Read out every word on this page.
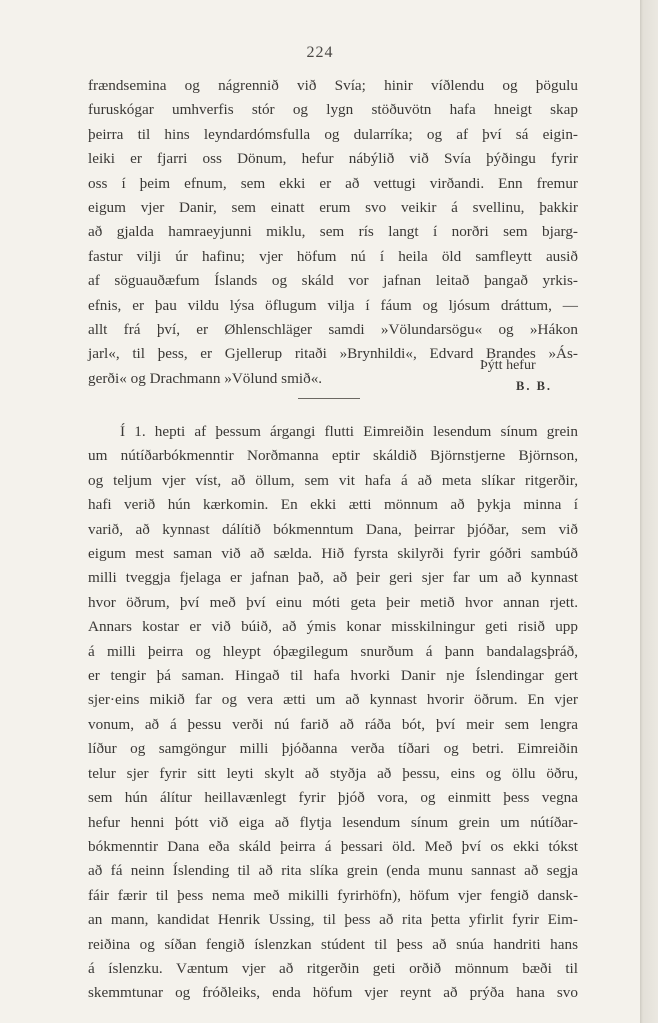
224
frændsemina og nágrennið við Svía; hinir víðlendu og þögulu
furuskógar umhverfis stór og lygn stöðuvötn hafa hneigt skap
þeirra til hins leyndardómsfulla og dularríka; og af því sá eigin-
leiki er fjarri oss Dönum, hefur nábýlið við Svía þýðingu fyrir
oss í þeim efnum, sem ekki er að vettugi virðandi. Enn fremur
eigum vjer Danir, sem einatt erum svo veikir á svellinu, þakkir
að gjalda hamraeyjunni miklu, sem rís langt í norðri sem bjarg-
fastur vilji úr hafinu; vjer höfum nú í heila öld samfleytt ausið
af söguauðæfum Íslands og skáld vor jafnan leitað þangað yrkis-
efnis, er þau vildu lýsa öflugum vilja í fáum og ljósum dráttum, —
allt frá því, er Øhlenschläger samdi »Völundarsögu« og »Hákon
jarl«, til þess, er Gjellerup ritaði »Brynhildi«, Edvard Brandes »Ás-
gerði« og Drachmann »Völund smið«.
Þýtt hefur
B. B.
Í 1. hepti af þessum árgangi flutti Eimreiðin lesendum sínum grein
um nútíðarbókmenntir Norðmanna eptir skáldið Björnstjerne Björnson,
og teljum vjer víst, að öllum, sem vit hafa á að meta slíkar ritgerðir,
hafi verið hún kærkomin. En ekki ætti mönnum að þykja minna í
varið, að kynnast dálítið bókmenntum Dana, þeirrar þjóðar, sem við
eigum mest saman við að sælda. Hið fyrsta skilyrði fyrir góðri sambúð
milli tveggja fjelaga er jafnan það, að þeir geri sjer far um að kynnast
hvor öðrum, því með því einu móti geta þeir metið hvor annan rjett.
Annars kostar er við búið, að ýmis konar misskilningur geti risið upp
á milli þeirra og hleypt óþægilegum snurðum á þann bandalagsþráð,
er tengir þá saman. Hingað til hafa hvorki Danir nje Íslendingar gert
sjer·eins mikið far og vera ætti um að kynnast hvorir öðrum. En vjer
vonum, að á þessu verði nú farið að ráða bót, því meir sem lengra
líður og samgöngur milli þjóðanna verða tíðari og betri. Eimreiðin
telur sjer fyrir sitt leyti skylt að styðja að þessu, eins og öllu öðru,
sem hún álítur heillavænlegt fyrir þjóð vora, og einmitt þess vegna
hefur henni þótt við eiga að flytja lesendum sínum grein um nútíðar-
bókmenntir Dana eða skáld þeirra á þessari öld. Með því os ekki tókst
að fá neinn Íslending til að rita slíka grein (enda munu sannast að segja
fáir færir til þess nema með mikilli fyrirhöfn), höfum vjer fengið dansk-
an mann, kandidat Henrik Ussing, til þess að rita þetta yfirlit fyrir Eim-
reiðina og síðan fengið íslenzkan stúdent til þess að snúa handriti hans
á íslenzku. Væntum vjer að ritgerðin geti orðið mönnum bæði til
skemmtunar og fróðleiks, enda höfum vjer reynt að prýða hana svo
